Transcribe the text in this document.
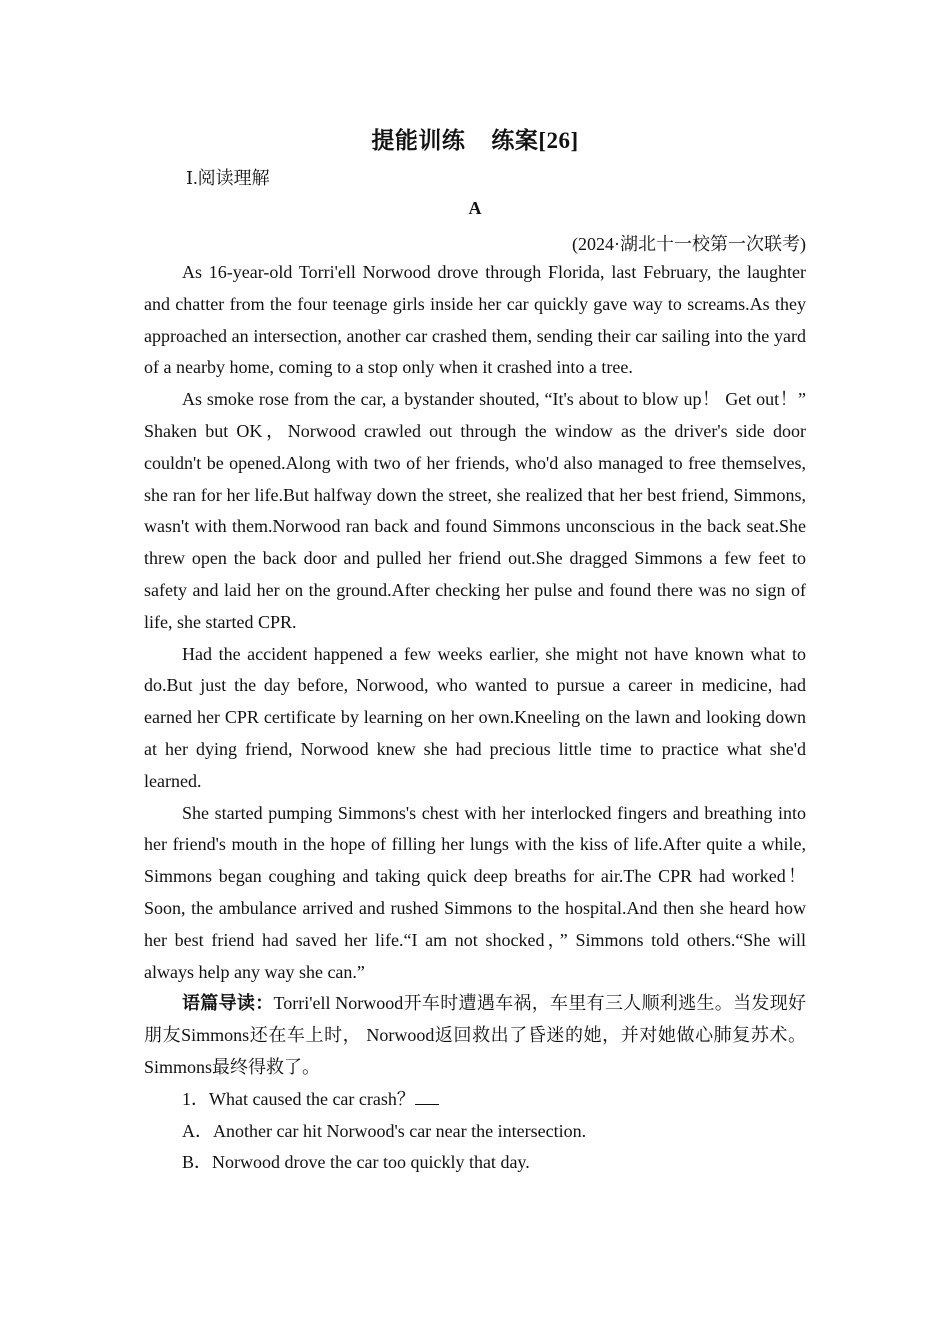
提能训练 练案[26]
Ⅰ.阅读理解
A
(2024·湖北十一校第一次联考)

As 16-year-old Torri'ell Norwood drove through Florida, last February, the laughter and chatter from the four teenage girls inside her car quickly gave way to screams.As they approached an intersection, another car crashed them, sending their car sailing into the yard of a nearby home, coming to a stop only when it crashed into a tree.

As smoke rose from the car, a bystander shouted, “It's about to blow up！ Get out！” Shaken but OK，Norwood crawled out through the window as the driver's side door couldn't be opened.Along with two of her friends, who'd also managed to free themselves, she ran for her life.But halfway down the street, she realized that her best friend, Simmons, wasn't with them.Norwood ran back and found Simmons unconscious in the back seat.She threw open the back door and pulled her friend out.She dragged Simmons a few feet to safety and laid her on the ground.After checking her pulse and found there was no sign of life, she started CPR.

Had the accident happened a few weeks earlier, she might not have known what to do.But just the day before, Norwood, who wanted to pursue a career in medicine, had earned her CPR certificate by learning on her own.Kneeling on the lawn and looking down at her dying friend, Norwood knew she had precious little time to practice what she'd learned.

She started pumping Simmons's chest with her interlocked fingers and breathing into her friend's mouth in the hope of filling her lungs with the kiss of life.After quite a while, Simmons began coughing and taking quick deep breaths for air.The CPR had worked！ Soon, the ambulance arrived and rushed Simmons to the hospital.And then she heard how her best friend had saved her life.“I am not shocked，” Simmons told others.“She will always help any way she can.”

语篇导读：Torri'ell Norwood开车时遭遇车祸，车里有三人顺利逃生。当发现好朋友Simmons还在车上时， Norwood返回救出了昏迷的她，并对她做心肺复苏术。Simmons最终得救了。

1．What caused the car crash？

A．Another car hit Norwood's car near the intersection.

B．Norwood drove the car too quickly that day.
